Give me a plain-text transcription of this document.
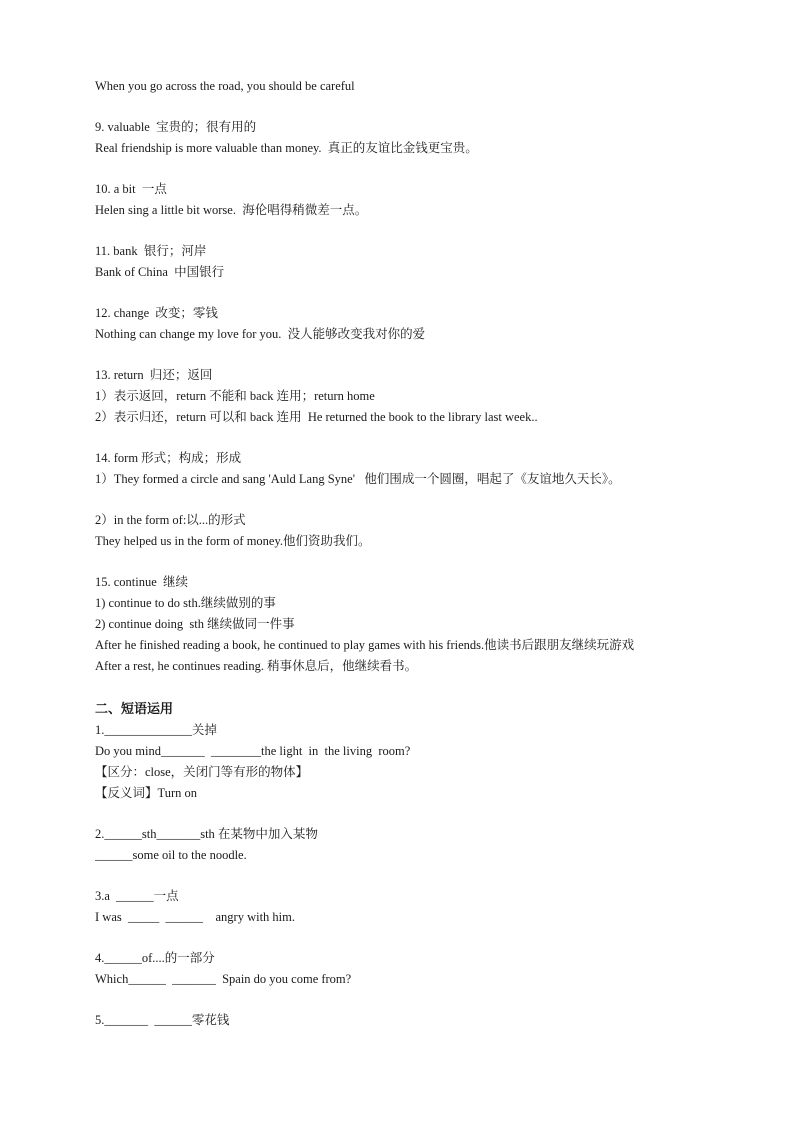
When you go across the road, you should be careful
9. valuable  宝贵的；很有用的
Real friendship is more valuable than money.  真正的友谊比金钱更宝贵。
10. a bit  一点
Helen sing a little bit worse.  海伦唱得稍微差一点。
11. bank  银行；河岸
Bank of China  中国银行
12. change  改变；零钱
Nothing can change my love for you.  没人能够改变我对你的爱
13. return  归还；返回
1）表示返回，return 不能和 back 连用；return home
2）表示归还，return 可以和 back 连用  He returned the book to the library last week..
14. form 形式；构成；形成
1）They formed a circle and sang 'Auld Lang Syne'   他们围成一个圆圈，唱起了《友谊地久天长》。
2）in the form of:以...的形式
They helped us in the form of money.他们资助我们。
15. continue  继续
1) continue to do sth.继续做别的事
2) continue doing  sth 继续做同一件事
After he finished reading a book, he continued to play games with his friends.他读书后跟朋友继续玩游戏
After a rest, he continues reading. 稍事休息后，他继续看书。
二、短语运用
1.______________关掉
Do you mind_______  ________the light  in  the living  room?
【区分：close，关闭门等有形的物体】
【反义词】Turn on
2.______sth_______sth 在某物中加入某物
______some oil to the noodle.
3.a  ______一点
I was  _____  ______    angry with him.
4.______of....的一部分
Which______  _______  Spain do you come from?
5._______  ______零花钱
